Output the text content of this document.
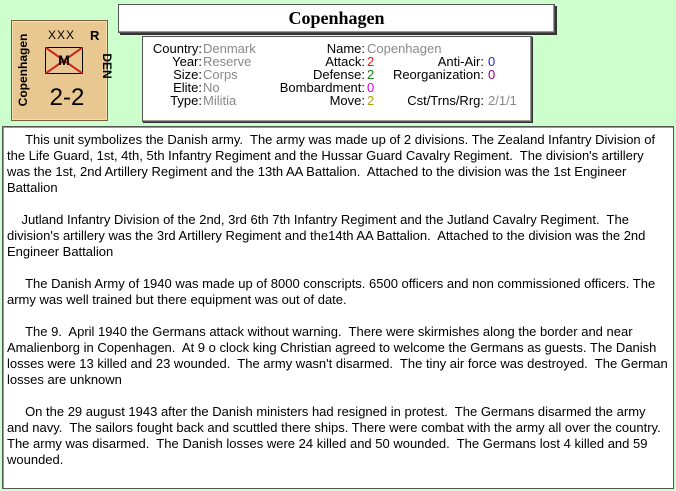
Copenhagen XXX R
DEN
M
2-2
Copenhagen
Country: Denmark
Year: Reserve
Size: Corps
Elite: No
Type: Militia
Name: Copenhagen
Attack: 2
Defense: 2
Bombardment: 0
Move: 2
Anti-Air: 0
Reorganization: 0
Cst/Trns/Rrg: 2/1/1

This unit symbolizes the Danish army.  The army was made up of 2 divisions. The Zealand Infantry Division of the Life Guard, 1st, 4th, 5th Infantry Regiment and the Hussar Guard Cavalry Regiment.  The division's artillery was the 1st, 2nd Artillery Regiment and the 13th AA Battalion.  Attached to the division was the 1st Engineer Battalion

Jutland Infantry Division of the 2nd, 3rd 6th 7th Infantry Regiment and the Jutland Cavalry Regiment.  The division's artillery was the 3rd Artillery Regiment and the14th AA Battalion.  Attached to the division was the 2nd Engineer Battalion

The Danish Army of 1940 was made up of 8000 conscripts. 6500 officers and non commissioned officers. The army was well trained but there equipment was out of date.

The 9.  April 1940 the Germans attack without warning.  There were skirmishes along the border and near Amalienborg in Copenhagen.  At 9 o clock king Christian agreed to welcome the Germans as guests. The Danish losses were 13 killed and 23 wounded.  The army wasn't disarmed.  The tiny air force was destroyed.  The German losses are unknown

On the 29 august 1943 after the Danish ministers had resigned in protest.  The Germans disarmed the army and navy.  The sailors fought back and scuttled there ships. There were combat with the army all over the country.  The army was disarmed.  The Danish losses were 24 killed and 50 wounded.  The Germans lost 4 killed and 59 wounded.
